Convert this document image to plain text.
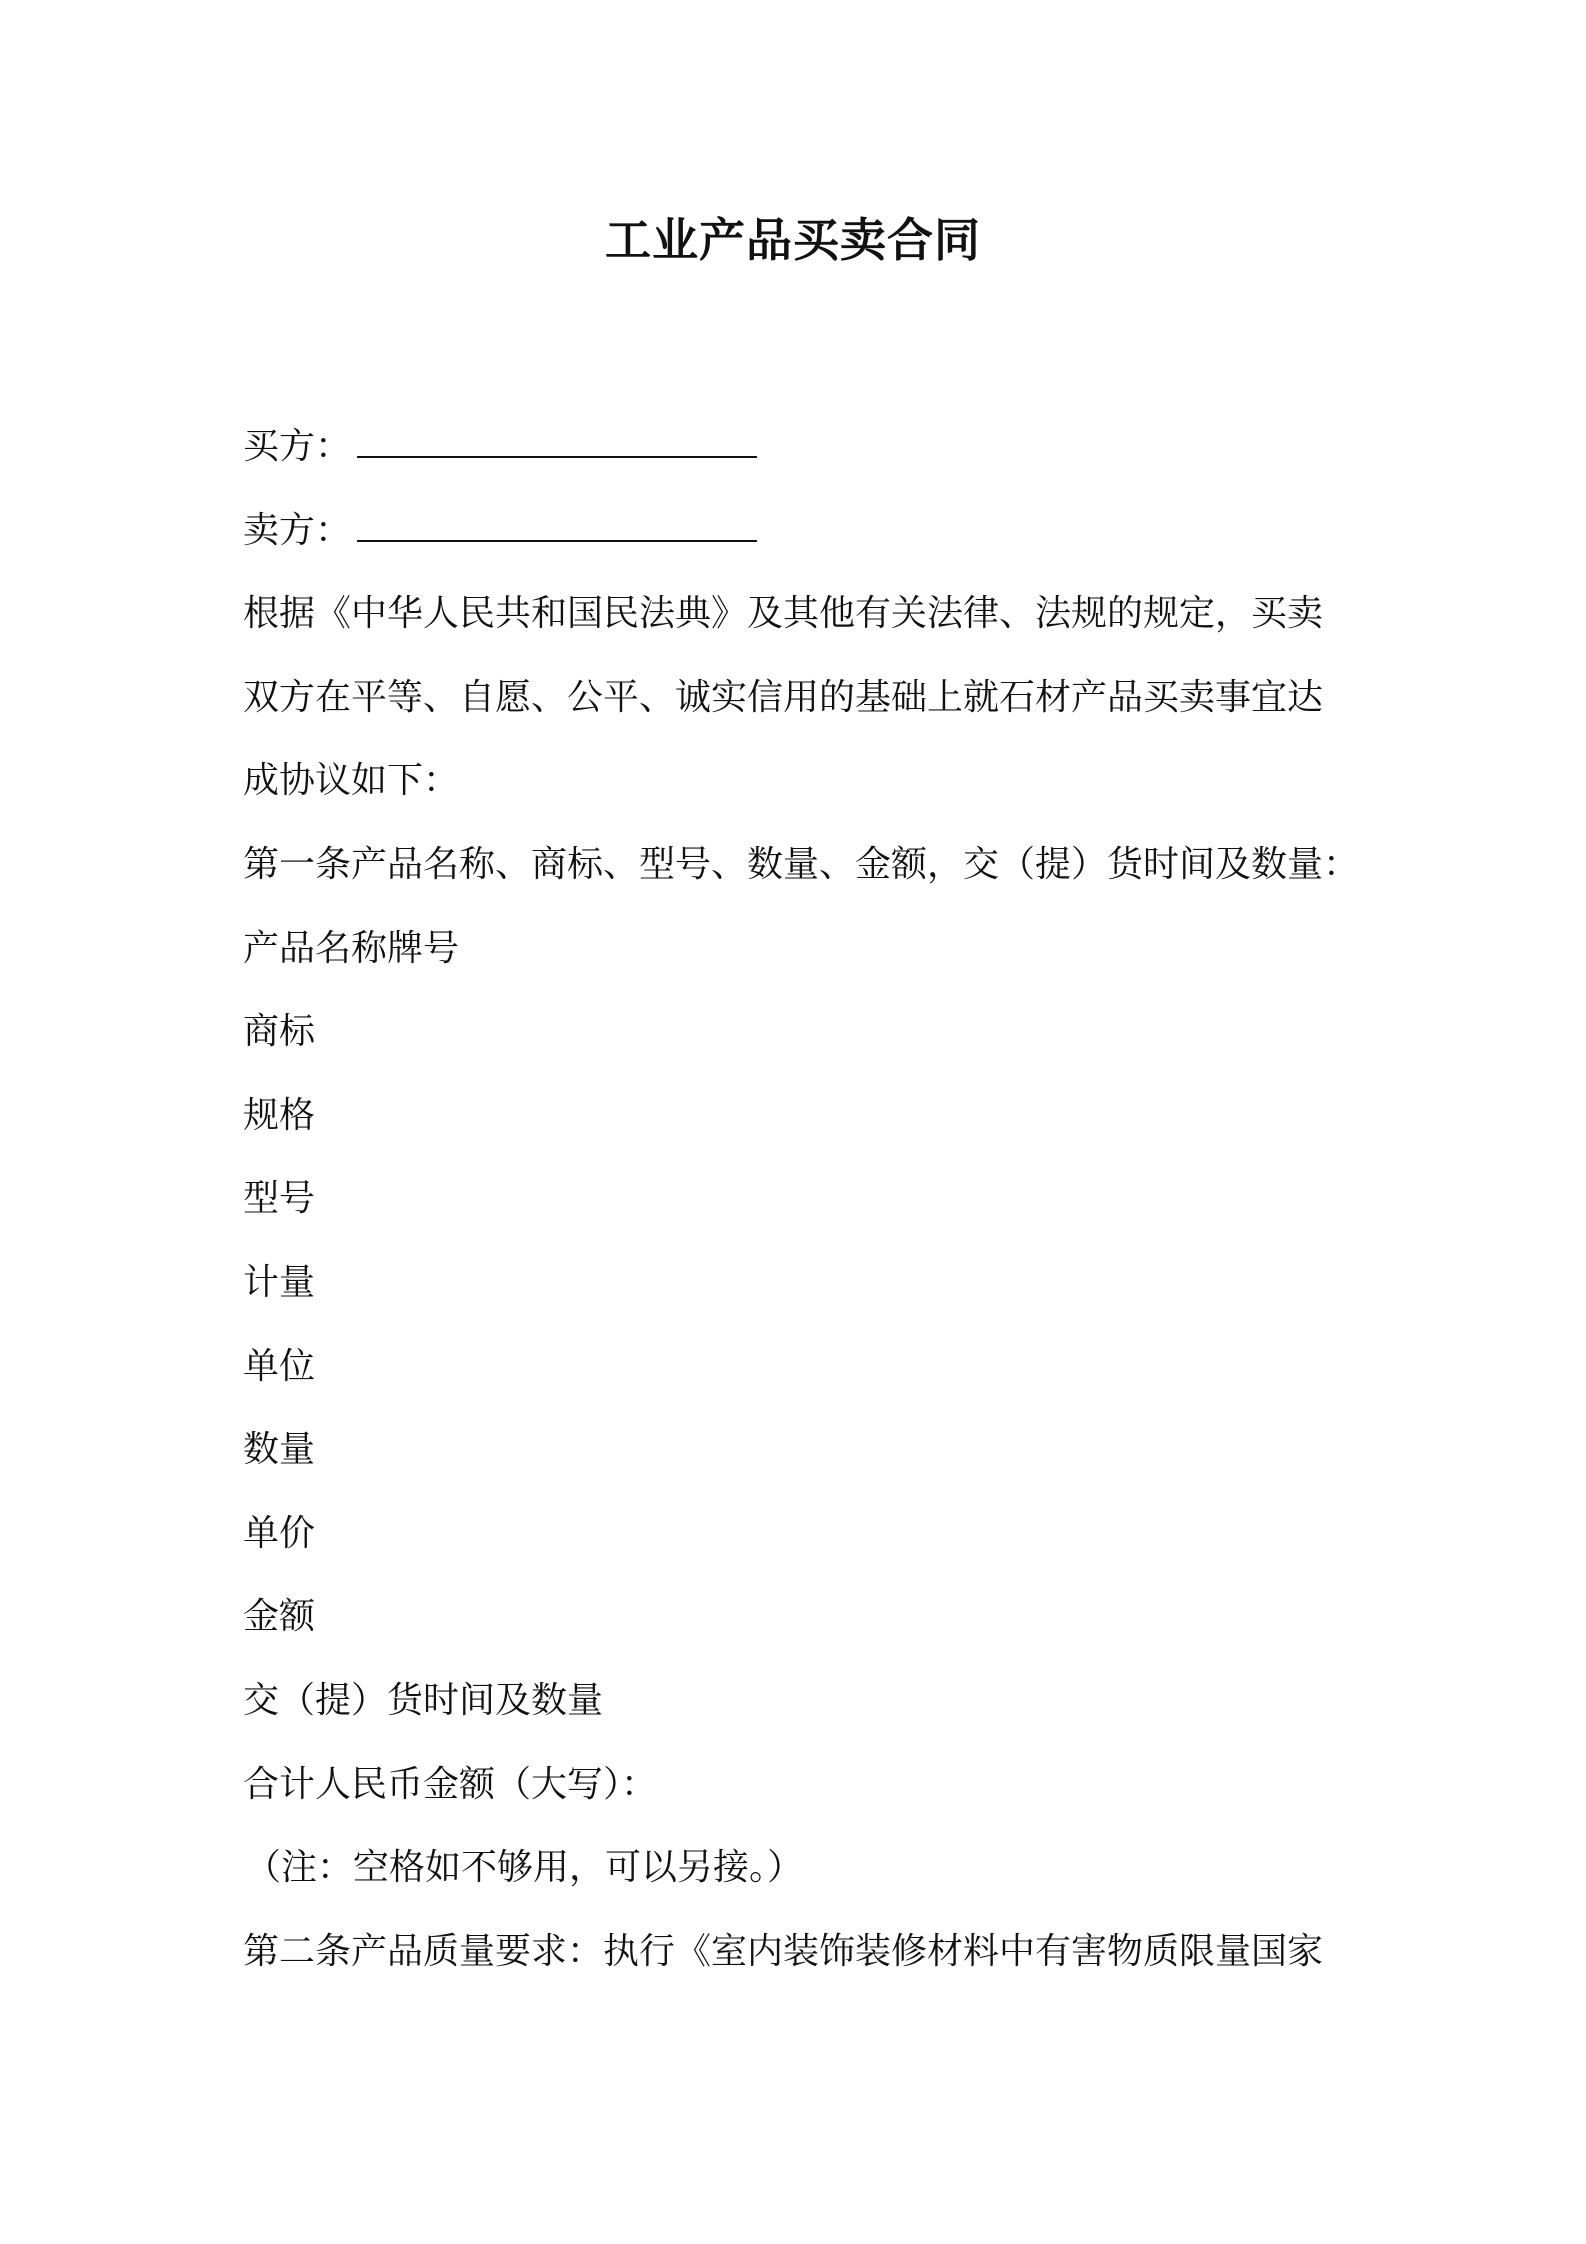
工业产品买卖合同
买方：
卖方：
根据《中华人民共和国民法典》及其他有关法律、法规的规定，买卖
双方在平等、自愿、公平、诚实信用的基础上就石材产品买卖事宜达
成协议如下：
第一条产品名称、商标、型号、数量、金额，交（提）货时间及数量：
产品名称牌号
商标
规格
型号
计量
单位
数量
单价
金额
交（提）货时间及数量
合计人民币金额（大写）：
（注：空格如不够用，可以另接。）
第二条产品质量要求：执行《室内装饰装修材料中有害物质限量国家
